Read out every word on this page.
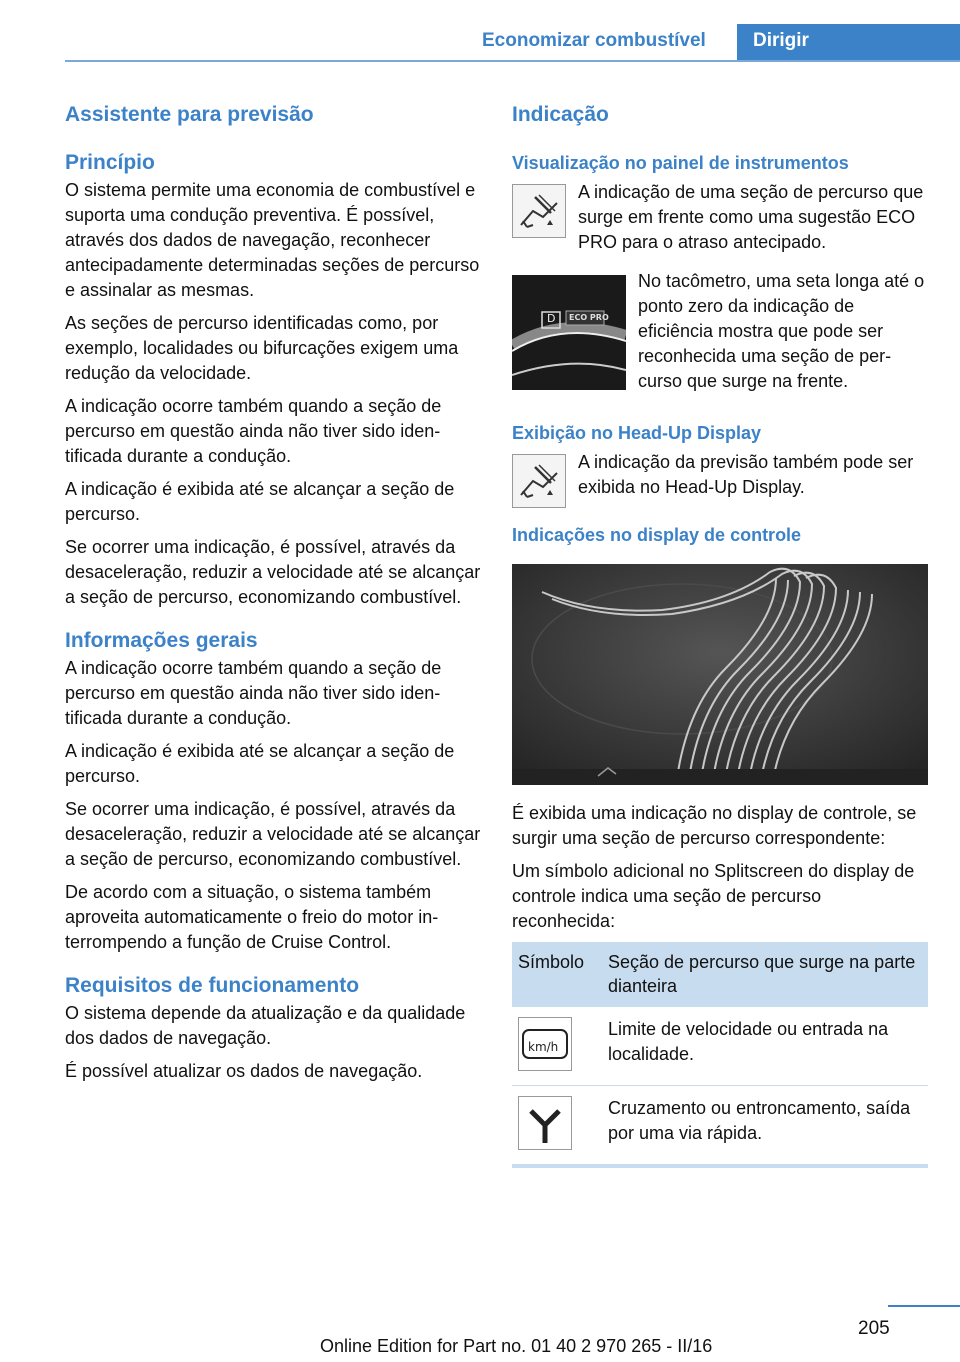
Economizar combustível	Dirigir
Assistente para previsão
Princípio

O sistema permite uma economia de combustível e suporta uma condução preventiva. É possível, através dos dados de navegação, reconhecer antecipadamente determinadas seções de percurso e assinalar as mesmas.

As seções de percurso identificadas como, por exemplo, localidades ou bifurcações exigem uma redução da velocidade.

A indicação ocorre também quando a seção de percurso em questão ainda não tiver sido identificada durante a condução.

A indicação é exibida até se alcançar a seção de percurso.

Se ocorrer uma indicação, é possível, através da desaceleração, reduzir a velocidade até se alcançar a seção de percurso, economizando combustível.

Informações gerais

A indicação ocorre também quando a seção de percurso em questão ainda não tiver sido identificada durante a condução.

A indicação é exibida até se alcançar a seção de percurso.

Se ocorrer uma indicação, é possível, através da desaceleração, reduzir a velocidade até se alcançar a seção de percurso, economizando combustível.

De acordo com a situação, o sistema também aproveita automaticamente o freio do motor interrompendo a função de Cruise Control.

Requisitos de funcionamento

O sistema depende da atualização e da qualidade dos dados de navegação.

É possível atualizar os dados de navegação.

Indicação
Visualização no painel de instrumentos

A indicação de uma seção de percurso que surge em frente como uma sugestão ECO PRO para o atraso antecipado.

D ECO PRO

No tacômetro, uma seta longa até o ponto zero da indicação de eficiência mostra que pode ser reconhecida uma seção de percurso que surge na frente.

Exibição no Head-Up Display

A indicação da previsão também pode ser exibida no Head-Up Display.

Indicações no display de controle

É exibida uma indicação no display de controle, se surgir uma seção de percurso correspondente:

Um símbolo adicional no Splitscreen do display de controle indica uma seção de percurso reconhecida:

Símbolo	Seção de percurso que surge na parte dianteira

km/h	Limite de velocidade ou entrada na localidade.

	Cruzamento ou entroncamento, saída por uma via rápida.
205
Online Edition for Part no. 01 40 2 970 265 - II/16
